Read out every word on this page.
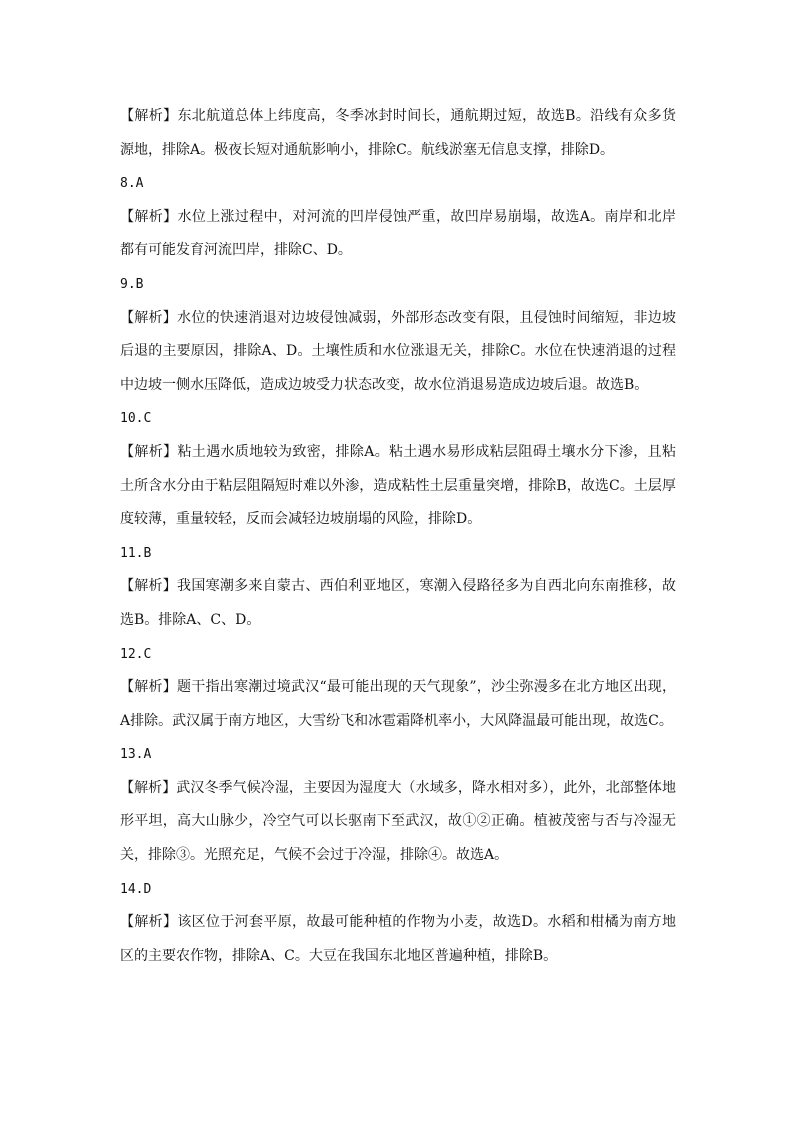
【解析】东北航道总体上纬度高，冬季冰封时间长，通航期过短，故选B。沿线有众多货源地，排除A。极夜长短对通航影响小，排除C。航线淤塞无信息支撑，排除D。

8.A

【解析】水位上涨过程中，对河流的凹岸侵蚀严重，故凹岸易崩塌，故选A。南岸和北岸都有可能发育河流凹岸，排除C、D。

9.B

【解析】水位的快速消退对边坡侵蚀减弱，外部形态改变有限，且侵蚀时间缩短，非边坡后退的主要原因，排除A、D。土壤性质和水位涨退无关，排除C。水位在快速消退的过程中边坡一侧水压降低，造成边坡受力状态改变，故水位消退易造成边坡后退。故选B。

10.C

【解析】粘土遇水质地较为致密，排除A。粘土遇水易形成粘层阻碍土壤水分下渗，且粘土所含水分由于粘层阻隔短时难以外渗，造成粘性土层重量突增，排除B，故选C。土层厚度较薄，重量较轻，反而会减轻边坡崩塌的风险，排除D。

11.B

【解析】我国寒潮多来自蒙古、西伯利亚地区，寒潮入侵路径多为自西北向东南推移，故选B。排除A、C、D。

12.C

【解析】题干指出寒潮过境武汉“最可能出现的天气现象”，沙尘弥漫多在北方地区出现，A排除。武汉属于南方地区，大雪纷飞和冰雹霜降机率小，大风降温最可能出现，故选C。

13.A

【解析】武汉冬季气候冷湿，主要因为湿度大（水域多，降水相对多），此外，北部整体地形平坦，高大山脉少，冷空气可以长驱南下至武汉，故①②正确。植被茂密与否与冷湿无关，排除③。光照充足，气候不会过于冷湿，排除④。故选A。

14.D

【解析】该区位于河套平原，故最可能种植的作物为小麦，故选D。水稻和柑橘为南方地区的主要农作物，排除A、C。大豆在我国东北地区普遍种植，排除B。
